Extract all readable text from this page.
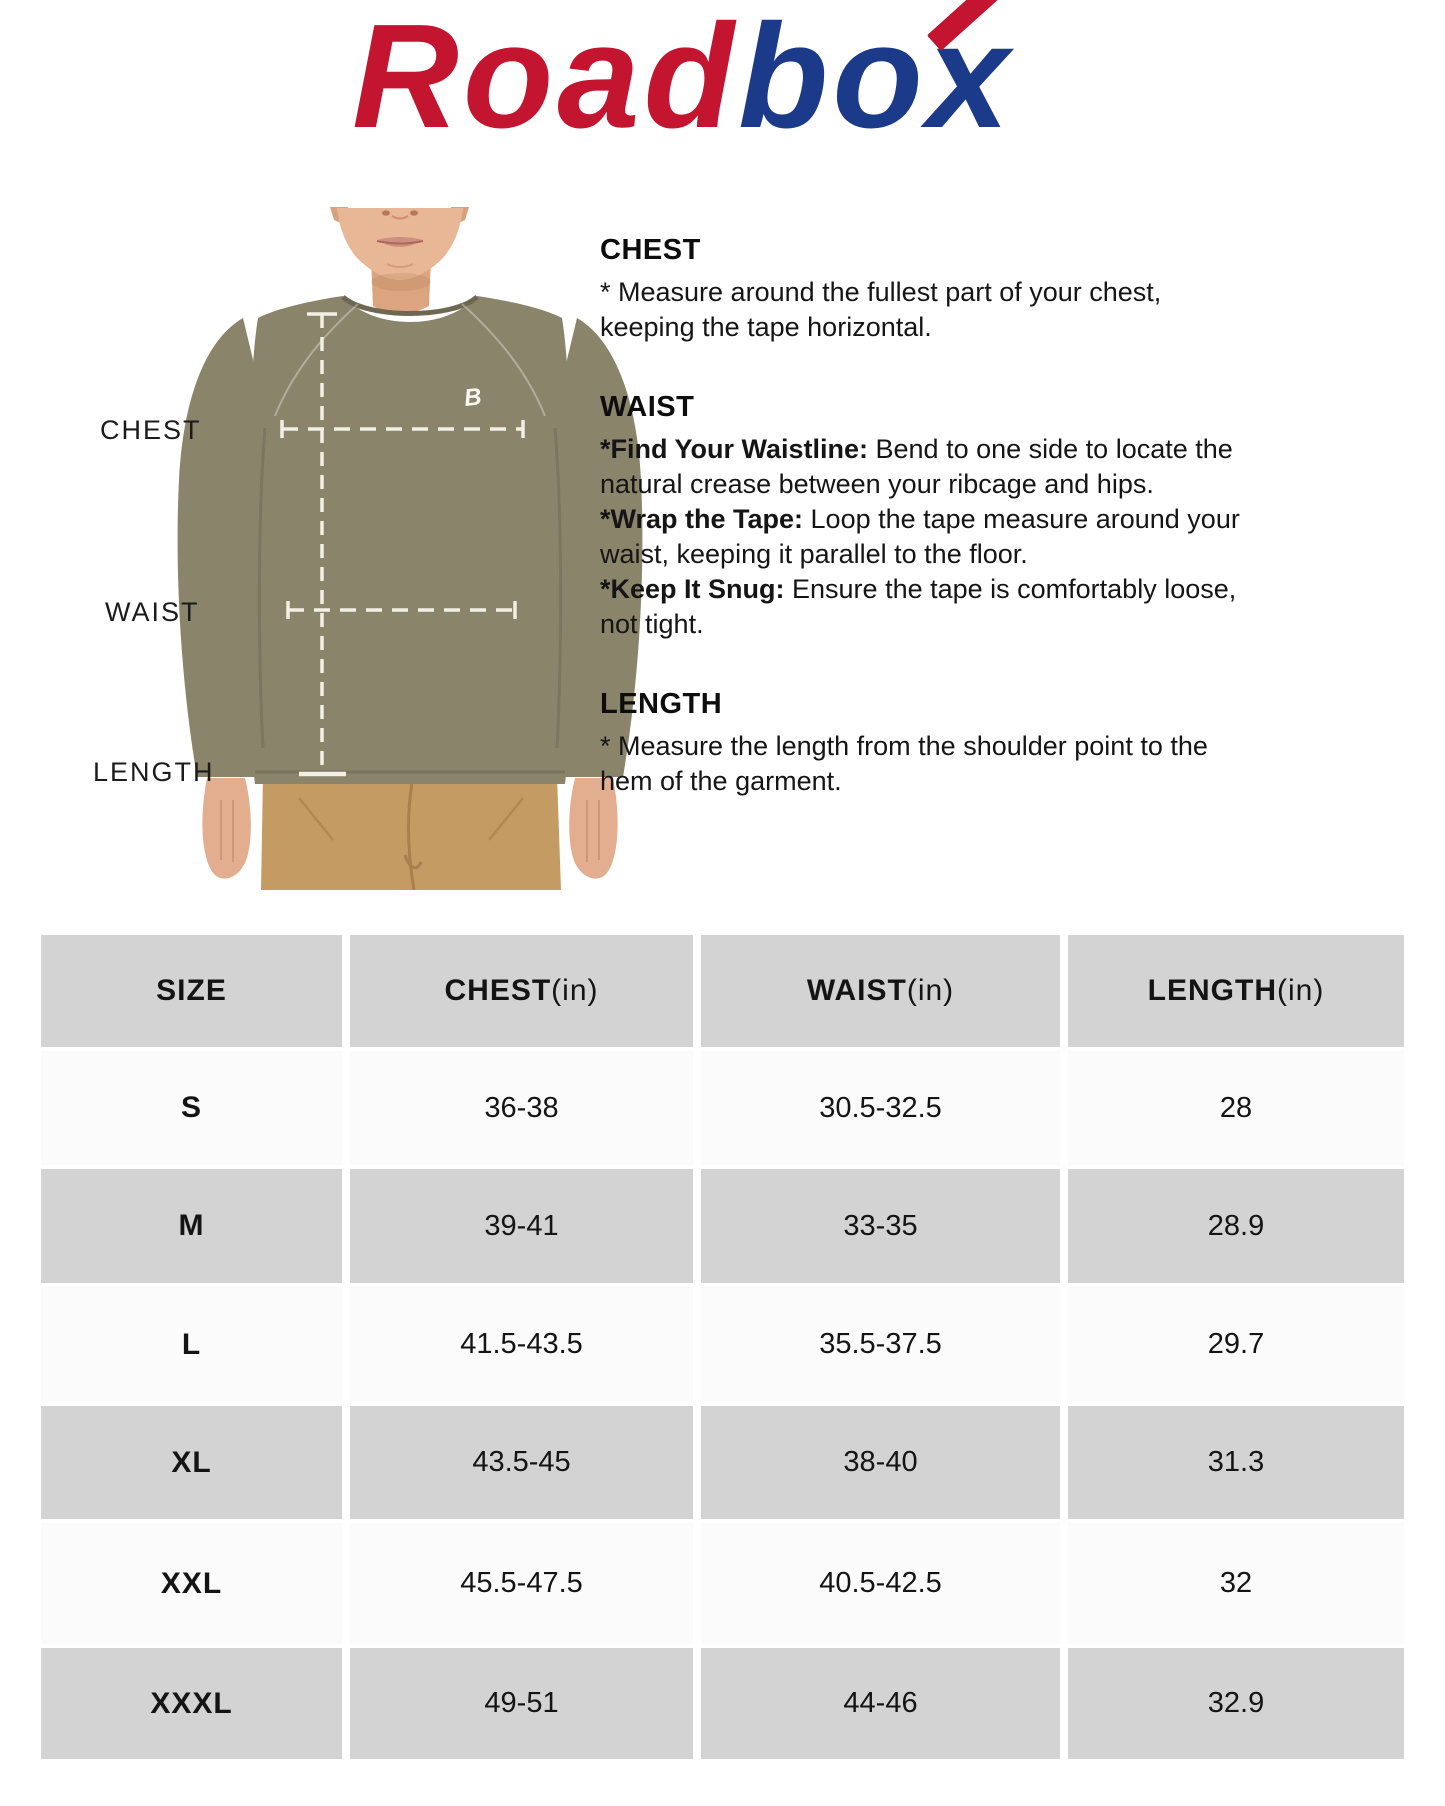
Roadbox
B
CHEST
WAIST
LENGTH
CHEST

* Measure around the fullest part of your chest, keeping the tape horizontal.

WAIST

*Find Your Waistline: Bend to one side to locate the natural crease between your ribcage and hips.

*Wrap the Tape: Loop the tape measure around your waist, keeping it parallel to the floor.

*Keep It Snug: Ensure the tape is comfortably loose, not tight.

LENGTH

* Measure the length from the shoulder point to the hem of the garment.

SIZE	CHEST (in)	WAIST (in)	LENGTH (in)
S	36-38	30.5-32.5	28
M	39-41	33-35	28.9
L	41.5-43.5	35.5-37.5	29.7
XL	43.5-45	38-40	31.3
XXL	45.5-47.5	40.5-42.5	32
XXXL	49-51	44-46	32.9
